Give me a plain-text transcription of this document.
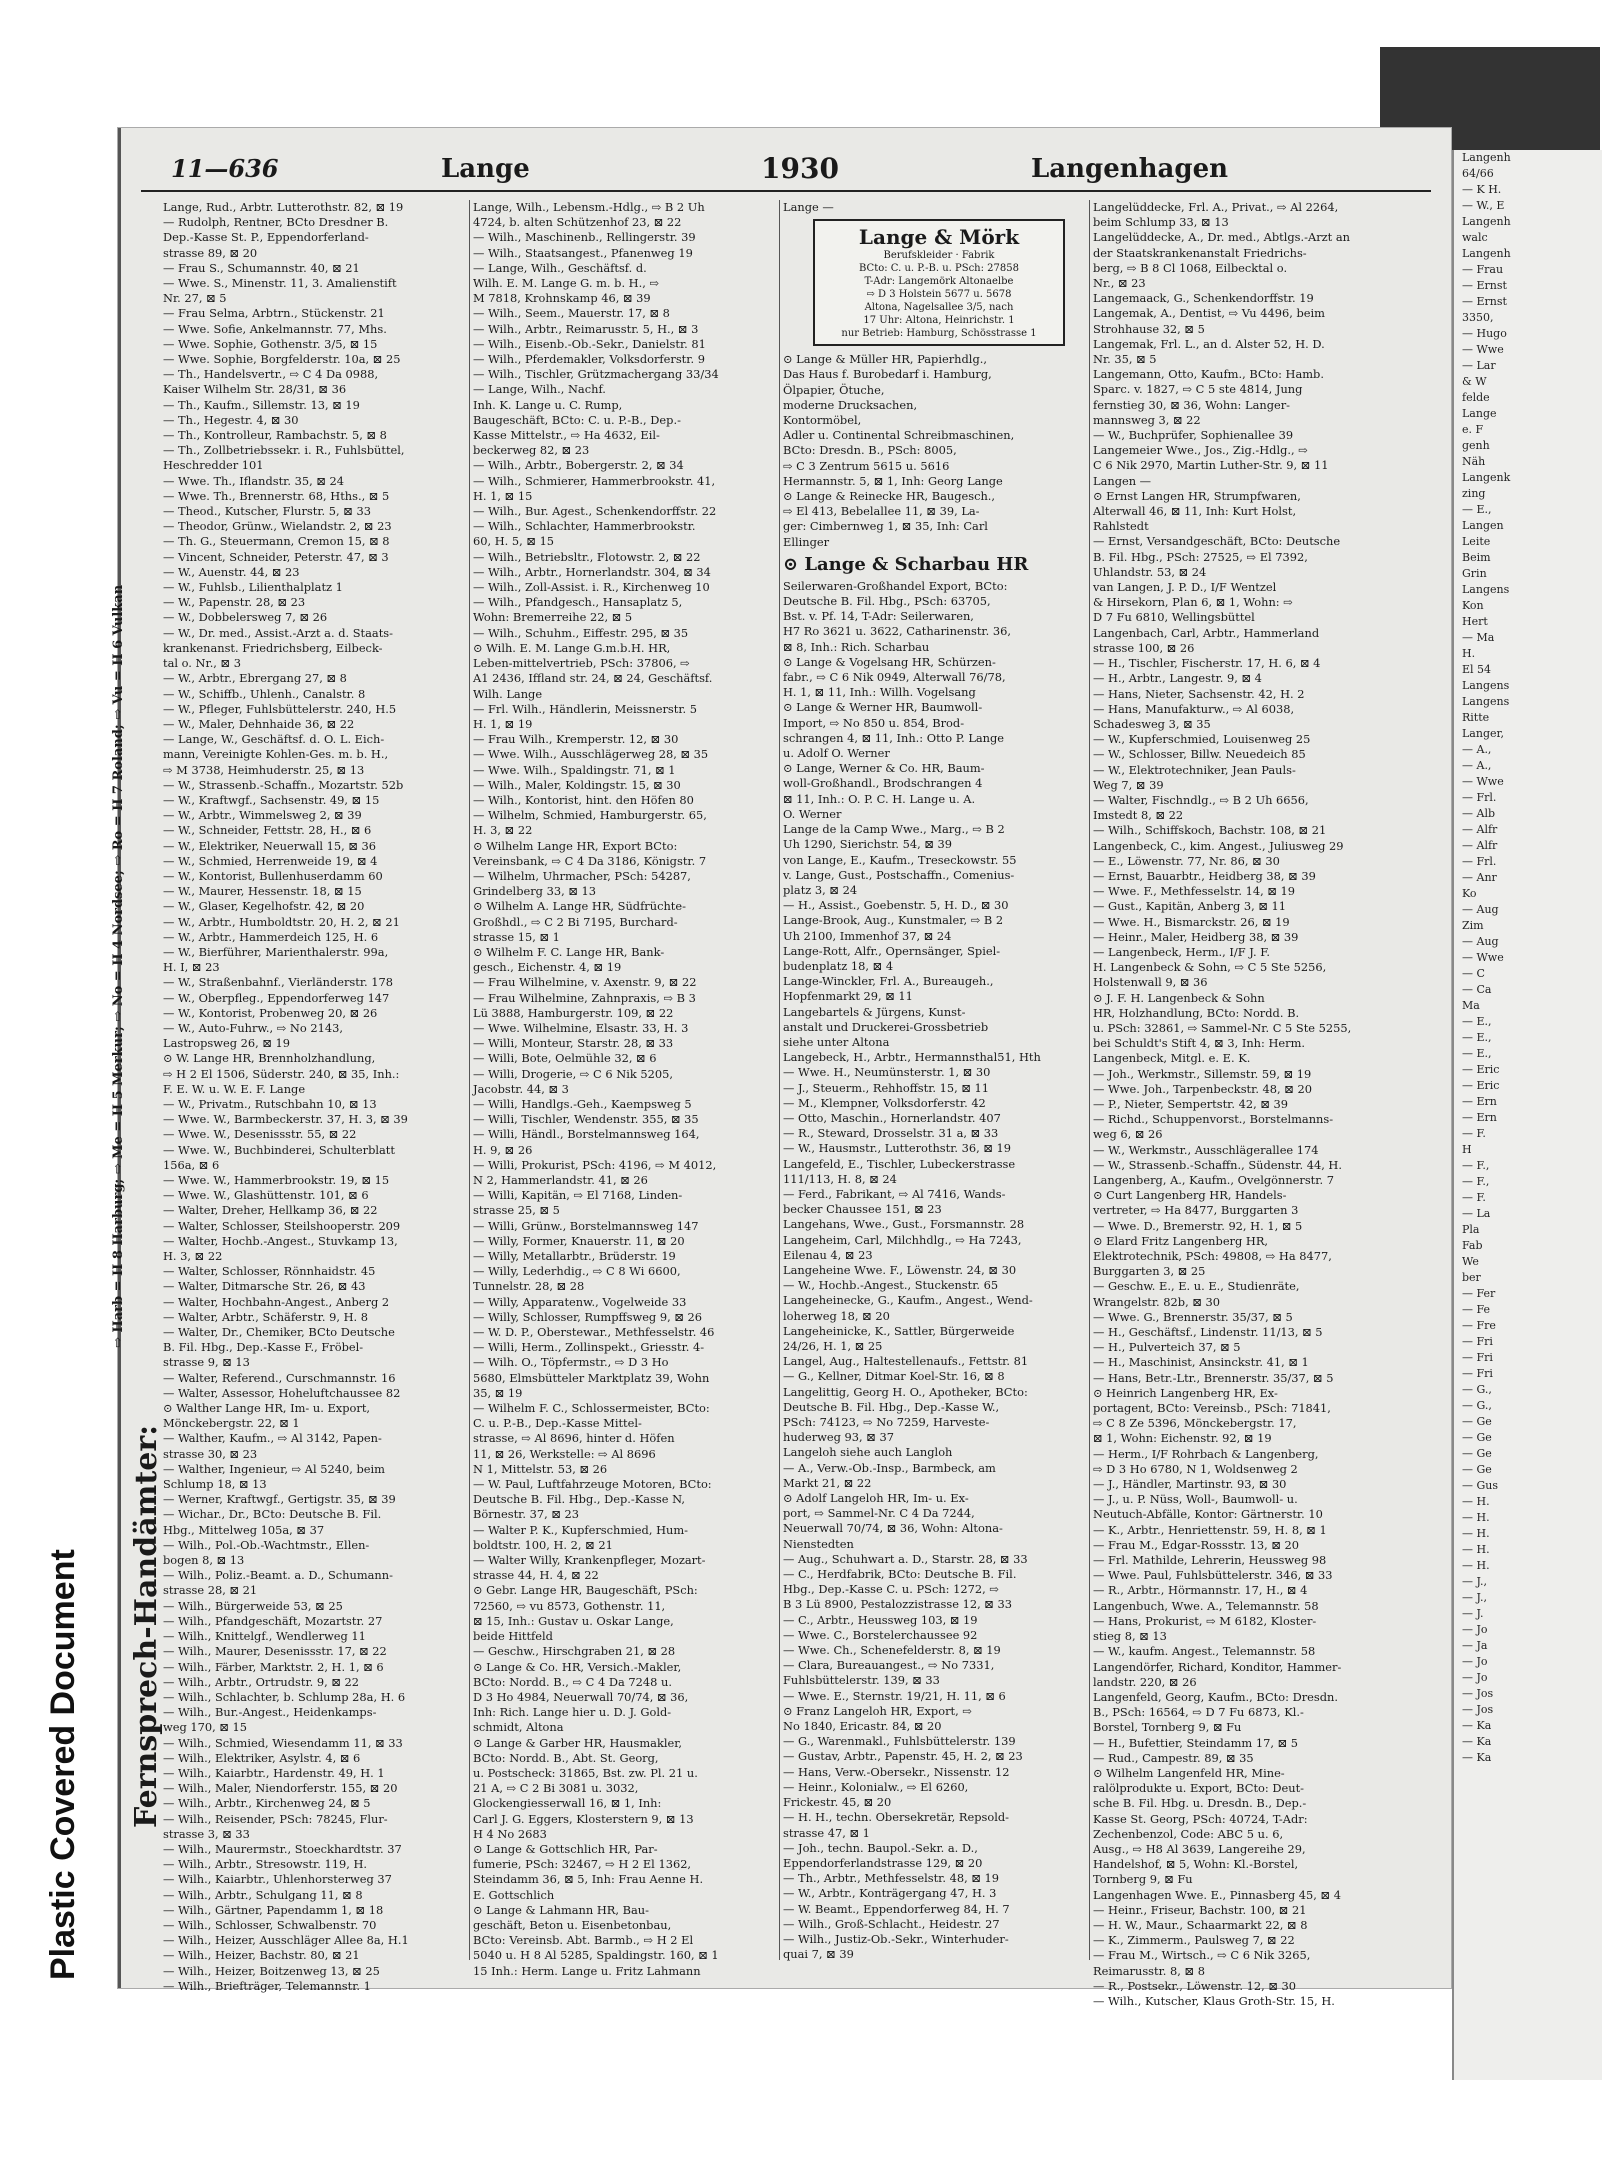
Plastic Covered Document
11—636	Lange	1930	Langenhagen
Fernsprech-Handämter:
⇨ Harb = H 8 Harburg; ⇨ Me = H 5 Merkur; ⇨ No = H 4 Nordsee; ⇨ Ro = H 7 Roland; ⇨ Vu = H 6 Vulkan
Lange, Rud., Arbtr. Lutterothstr. 82, ⊠ 19
— Rudolph, Rentner, BCto Dresdner B.
Dep.-Kasse St. P., Eppendorferland-
strasse 89, ⊠ 20
— Frau S., Schumannstr. 40, ⊠ 21
— Wwe. S., Minenstr. 11, 3. Amalienstift
Nr. 27, ⊠ 5
— Frau Selma, Arbtrn., Stückenstr. 21
— Wwe. Sofie, Ankelmannstr. 77, Mhs.
— Wwe. Sophie, Gothenstr. 3/5, ⊠ 15
— Wwe. Sophie, Borgfelderstr. 10a, ⊠ 25
— Th., Handelsvertr., ⇨ C 4 Da 0988,
Kaiser Wilhelm Str. 28/31, ⊠ 36
— Th., Kaufm., Sillemstr. 13, ⊠ 19
— Th., Hegestr. 4, ⊠ 30
— Th., Kontrolleur, Rambachstr. 5, ⊠ 8
— Th., Zollbetriebssekr. i. R., Fuhlsbüttel,
Heschredder 101
— Wwe. Th., Iflandstr. 35, ⊠ 24
— Wwe. Th., Brennerstr. 68, Hths., ⊠ 5
— Theod., Kutscher, Flurstr. 5, ⊠ 33
— Theodor, Grünw., Wielandstr. 2, ⊠ 23
— Th. G., Steuermann, Cremon 15, ⊠ 8
— Vincent, Schneider, Peterstr. 47, ⊠ 3
— W., Auenstr. 44, ⊠ 23
— W., Fuhlsb., Lilienthalplatz 1
— W., Papenstr. 28, ⊠ 23
— W., Dobbelersweg 7, ⊠ 26
— W., Dr. med., Assist.-Arzt a. d. Staats-
krankenanst. Friedrichsberg, Eilbeck-
tal o. Nr., ⊠ 3
— W., Arbtr., Ebrergang 27, ⊠ 8
— W., Schiffb., Uhlenh., Canalstr. 8
— W., Pfleger, Fuhlsbüttelerstr. 240, H.5
— W., Maler, Dehnhaide 36, ⊠ 22
— Lange, W., Geschäftsf. d. O. L. Eich-
mann, Vereinigte Kohlen-Ges. m. b. H.,
⇨ M 3738, Heimhuderstr. 25, ⊠ 13
— W., Strassenb.-Schaffn., Mozartstr. 52b
— W., Kraftwgf., Sachsenstr. 49, ⊠ 15
— W., Arbtr., Wimmelsweg 2, ⊠ 39
— W., Schneider, Fettstr. 28, H., ⊠ 6
— W., Elektriker, Neuerwall 15, ⊠ 36
— W., Schmied, Herrenweide 19, ⊠ 4
— W., Kontorist, Bullenhuserdamm 60
— W., Maurer, Hessenstr. 18, ⊠ 15
— W., Glaser, Kegelhofstr. 42, ⊠ 20
— W., Arbtr., Humboldtstr. 20, H. 2, ⊠ 21
— W., Arbtr., Hammerdeich 125, H. 6
— W., Bierführer, Marienthalerstr. 99a,
H. I, ⊠ 23
— W., Straßenbahnf., Vierländerstr. 178
— W., Oberpfleg., Eppendorferweg 147
— W., Kontorist, Probenweg 20, ⊠ 26
— W., Auto-Fuhrw., ⇨ No 2143,
Lastropsweg 26, ⊠ 19
⊙ W. Lange HR, Brennholzhandlung,
⇨ H 2 El 1506, Süderstr. 240, ⊠ 35, Inh.:
F. E. W. u. W. E. F. Lange
— W., Privatm., Rutschbahn 10, ⊠ 13
— Wwe. W., Barmbeckerstr. 37, H. 3, ⊠ 39
— Wwe. W., Desenissstr. 55, ⊠ 22
— Wwe. W., Buchbinderei, Schulterblatt
156a, ⊠ 6
— Wwe. W., Hammerbrookstr. 19, ⊠ 15
— Wwe. W., Glashüttenstr. 101, ⊠ 6
— Walter, Dreher, Hellkamp 36, ⊠ 22
— Walter, Schlosser, Steilshooperstr. 209
— Walter, Hochb.-Angest., Stuvkamp 13,
H. 3, ⊠ 22
— Walter, Schlosser, Rönnhaidstr. 45
— Walter, Ditmarsche Str. 26, ⊠ 43
— Walter, Hochbahn-Angest., Anberg 2
— Walter, Arbtr., Schäferstr. 9, H. 8
— Walter, Dr., Chemiker, BCto Deutsche
B. Fil. Hbg., Dep.-Kasse F., Fröbel-
strasse 9, ⊠ 13
— Walter, Referend., Curschmannstr. 16
— Walter, Assessor, Hoheluftchaussee 82
⊙ Walther Lange HR, Im- u. Export,
Mönckebergstr. 22, ⊠ 1
— Walther, Kaufm., ⇨ Al 3142, Papen-
strasse 30, ⊠ 23
— Walther, Ingenieur, ⇨ Al 5240, beim
Schlump 18, ⊠ 13
— Werner, Kraftwgf., Gertigstr. 35, ⊠ 39
— Wichar., Dr., BCto: Deutsche B. Fil.
Hbg., Mittelweg 105a, ⊠ 37
— Wilh., Pol.-Ob.-Wachtmstr., Ellen-
bogen 8, ⊠ 13
— Wilh., Poliz.-Beamt. a. D., Schumann-
strasse 28, ⊠ 21
— Wilh., Bürgerweide 53, ⊠ 25
— Wilh., Pfandgeschäft, Mozartstr. 27
— Wilh., Knittelgf., Wendlerweg 11
— Wilh., Maurer, Desenissstr. 17, ⊠ 22
— Wilh., Färber, Marktstr. 2, H. 1, ⊠ 6
— Wilh., Arbtr., Ortrudstr. 9, ⊠ 22
— Wilh., Schlachter, b. Schlump 28a, H. 6
— Wilh., Bur.-Angest., Heidenkamps-
weg 170, ⊠ 15
— Wilh., Schmied, Wiesendamm 11, ⊠ 33
— Wilh., Elektriker, Asylstr. 4, ⊠ 6
— Wilh., Kaiarbtr., Hardenstr. 49, H. 1
— Wilh., Maler, Niendorferstr. 155, ⊠ 20
— Wilh., Arbtr., Kirchenweg 24, ⊠ 5
— Wilh., Reisender, PSch: 78245, Flur-
strasse 3, ⊠ 33
— Wilh., Maurermstr., Stoeckhardtstr. 37
— Wilh., Arbtr., Stresowstr. 119, H.
— Wilh., Kaiarbtr., Uhlenhorsterweg 37
— Wilh., Arbtr., Schulgang 11, ⊠ 8
— Wilh., Gärtner, Papendamm 1, ⊠ 18
— Wilh., Schlosser, Schwalbenstr. 70
— Wilh., Heizer, Ausschläger Allee 8a, H.1
— Wilh., Heizer, Bachstr. 80, ⊠ 21
— Wilh., Heizer, Boitzenweg 13, ⊠ 25
— Wilh., Briefträger, Telemannstr. 1
Lange, Wilh., Lebensm.-Hdlg., ⇨ B 2 Uh
4724, b. alten Schützenhof 23, ⊠ 22
— Wilh., Maschinenb., Rellingerstr. 39
— Wilh., Staatsangest., Pfanenweg 19
— Lange, Wilh., Geschäftsf. d.
Wilh. E. M. Lange G. m. b. H., ⇨
M 7818, Krohnskamp 46, ⊠ 39
— Wilh., Seem., Mauerstr. 17, ⊠ 8
— Wilh., Arbtr., Reimarusstr. 5, H., ⊠ 3
— Wilh., Eisenb.-Ob.-Sekr., Danielstr. 81
— Wilh., Pferdemakler, Volksdorferstr. 9
— Wilh., Tischler, Grützmachergang 33/34
— Lange, Wilh., Nachf.
Inh. K. Lange u. C. Rump,
Baugeschäft, BCto: C. u. P.-B., Dep.-
Kasse Mittelstr., ⇨ Ha 4632, Eil-
beckerweg 82, ⊠ 23
— Wilh., Arbtr., Bobergerstr. 2, ⊠ 34
— Wilh., Schmierer, Hammerbrookstr. 41,
H. 1, ⊠ 15
— Wilh., Bur. Agest., Schenkendorffstr. 22
— Wilh., Schlachter, Hammerbrookstr.
60, H. 5, ⊠ 15
— Wilh., Betriebsltr., Flotowstr. 2, ⊠ 22
— Wilh., Arbtr., Hornerlandstr. 304, ⊠ 34
— Wilh., Zoll-Assist. i. R., Kirchenweg 10
— Wilh., Pfandgesch., Hansaplatz 5,
Wohn: Bremerreihe 22, ⊠ 5
— Wilh., Schuhm., Eiffestr. 295, ⊠ 35
⊙ Wilh. E. M. Lange G.m.b.H. HR,
Leben-mittelvertrieb, PSch: 37806, ⇨
A1 2436, Iffland str. 24, ⊠ 24, Geschäftsf.
Wilh. Lange
— Frl. Wilh., Händlerin, Meissnerstr. 5
H. 1, ⊠ 19
— Frau Wilh., Kremperstr. 12, ⊠ 30
— Wwe. Wilh., Ausschlägerweg 28, ⊠ 35
— Wwe. Wilh., Spaldingstr. 71, ⊠ 1
— Wilh., Maler, Koldingstr. 15, ⊠ 30
— Wilh., Kontorist, hint. den Höfen 80
— Wilhelm, Schmied, Hamburgerstr. 65,
H. 3, ⊠ 22
⊙ Wilhelm Lange HR, Export BCto:
Vereinsbank, ⇨ C 4 Da 3186, Königstr. 7
— Wilhelm, Uhrmacher, PSch: 54287,
Grindelberg 33, ⊠ 13
⊙ Wilhelm A. Lange HR, Südfrüchte-
Großhdl., ⇨ C 2 Bi 7195, Burchard-
strasse 15, ⊠ 1
⊙ Wilhelm F. C. Lange HR, Bank-
gesch., Eichenstr. 4, ⊠ 19
— Frau Wilhelmine, v. Axenstr. 9, ⊠ 22
— Frau Wilhelmine, Zahnpraxis, ⇨ B 3
Lü 3888, Hamburgerstr. 109, ⊠ 22
— Wwe. Wilhelmine, Elsastr. 33, H. 3
— Willi, Monteur, Starstr. 28, ⊠ 33
— Willi, Bote, Oelmühle 32, ⊠ 6
— Willi, Drogerie, ⇨ C 6 Nik 5205,
Jacobstr. 44, ⊠ 3
— Willi, Handlgs.-Geh., Kaempsweg 5
— Willi, Tischler, Wendenstr. 355, ⊠ 35
— Willi, Händl., Borstelmannsweg 164,
H. 9, ⊠ 26
— Willi, Prokurist, PSch: 4196, ⇨ M 4012,
N 2, Hammerlandstr. 41, ⊠ 26
— Willi, Kapitän, ⇨ El 7168, Linden-
strasse 25, ⊠ 5
— Willi, Grünw., Borstelmannsweg 147
— Willy, Former, Knauerstr. 11, ⊠ 20
— Willy, Metallarbtr., Brüderstr. 19
— Willy, Lederhdig., ⇨ C 8 Wi 6600,
Tunnelstr. 28, ⊠ 28
— Willy, Apparatenw., Vogelweide 33
— Willy, Schlosser, Rumpffsweg 9, ⊠ 26
— W. D. P., Oberstewar., Methfesselstr. 46
— Willi, Herm., Zollinspekt., Griesstr. 4-
— Wilh. O., Töpfermstr., ⇨ D 3 Ho
5680, Elmsbütteler Marktplatz 39, Wohn
35, ⊠ 19
— Wilhelm F. C., Schlossermeister, BCto:
C. u. P.-B., Dep.-Kasse Mittel-
strasse, ⇨ Al 8696, hinter d. Höfen
11, ⊠ 26, Werkstelle: ⇨ Al 8696
N 1, Mittelstr. 53, ⊠ 26
— W. Paul, Luftfahrzeuge Motoren, BCto:
Deutsche B. Fil. Hbg., Dep.-Kasse N,
Börnestr. 37, ⊠ 23
— Walter P. K., Kupferschmied, Hum-
boldtstr. 100, H. 2, ⊠ 21
— Walter Willy, Krankenpfleger, Mozart-
strasse 44, H. 4, ⊠ 22
⊙ Gebr. Lange HR, Baugeschäft, PSch:
72560, ⇨ vu 8573, Gothenstr. 11,
⊠ 15, Inh.: Gustav u. Oskar Lange,
beide Hittfeld
— Geschw., Hirschgraben 21, ⊠ 28
⊙ Lange & Co. HR, Versich.-Makler,
BCto: Nordd. B., ⇨ C 4 Da 7248 u.
D 3 Ho 4984, Neuerwall 70/74, ⊠ 36,
Inh: Rich. Lange hier u. D. J. Gold-
schmidt, Altona
⊙ Lange & Garber HR, Hausmakler,
BCto: Nordd. B., Abt. St. Georg,
u. Postscheck: 31865, Bst. zw. Pl. 21 u.
21 A, ⇨ C 2 Bi 3081 u. 3032,
Glockengiesserwall 16, ⊠ 1, Inh:
Carl J. G. Eggers, Klosterstern 9, ⊠ 13
H 4 No 2683
⊙ Lange & Gottschlich HR, Par-
fumerie, PSch: 32467, ⇨ H 2 El 1362,
Steindamm 36, ⊠ 5, Inh: Frau Aenne H.
E. Gottschlich
⊙ Lange & Lahmann HR, Bau-
geschäft, Beton u. Eisenbetonbau,
BCto: Vereinsb. Abt. Barmb., ⇨ H 2 El
5040 u. H 8 Al 5285, Spaldingstr. 160, ⊠ 1
15 Inh.: Herm. Lange u. Fritz Lahmann
Lange —
Lange & Mörk
Berufskleider · Fabrik
BCto: C. u. P.-B. u. PSch: 27858
T-Adr: Langemörk Altonaelbe
⇨ D 3 Holstein 5677 u. 5678
Altona, Nagelsallee 3/5, nach
17 Uhr: Altona, Heinrichstr. 1
nur Betrieb: Hamburg, Schösstrasse 1
⊙ Lange & Müller HR, Papierhdlg.,
Das Haus f. Burobedarf i. Hamburg,
Ölpapier, Ötuche,
moderne Drucksachen,
Kontormöbel,
Adler u. Continental Schreibmaschinen,
BCto: Dresdn. B., PSch: 8005,
⇨ C 3 Zentrum 5615 u. 5616
Hermannstr. 5, ⊠ 1, Inh: Georg Lange
⊙ Lange & Reinecke HR, Baugesch.,
⇨ El 413, Bebelallee 11, ⊠ 39, La-
ger: Cimbernweg 1, ⊠ 35, Inh: Carl
Ellinger
⊙ Lange & Scharbau HR
Seilerwaren-Großhandel Export, BCto:
Deutsche B. Fil. Hbg., PSch: 63705,
Bst. v. Pf. 14, T-Adr: Seilerwaren,
H7 Ro 3621 u. 3622, Catharinenstr. 36,
⊠ 8, Inh.: Rich. Scharbau
⊙ Lange & Vogelsang HR, Schürzen-
fabr., ⇨ C 6 Nik 0949, Alterwall 76/78,
H. 1, ⊠ 11, Inh.: Willh. Vogelsang
⊙ Lange & Werner HR, Baumwoll-
Import, ⇨ No 850 u. 854, Brod-
schrangen 4, ⊠ 11, Inh.: Otto P. Lange
u. Adolf O. Werner
⊙ Lange, Werner & Co. HR, Baum-
woll-Großhandl., Brodschrangen 4
⊠ 11, Inh.: O. P. C. H. Lange u. A.
O. Werner
Lange de la Camp Wwe., Marg., ⇨ B 2
Uh 1290, Sierichstr. 54, ⊠ 39
von Lange, E., Kaufm., Treseckowstr. 55
v. Lange, Gust., Postschaffn., Comenius-
platz 3, ⊠ 24
— H., Assist., Goebenstr. 5, H. D., ⊠ 30
Lange-Brook, Aug., Kunstmaler, ⇨ B 2
Uh 2100, Immenhof 37, ⊠ 24
Lange-Rott, Alfr., Opernsänger, Spiel-
budenplatz 18, ⊠ 4
Lange-Winckler, Frl. A., Bureaugeh.,
Hopfenmarkt 29, ⊠ 11
Langebartels & Jürgens, Kunst-
anstalt und Druckerei-Grossbetrieb
siehe unter Altona
Langebeck, H., Arbtr., Hermannsthal51, Hth
— Wwe. H., Neumünsterstr. 1, ⊠ 30
— J., Steuerm., Rehhoffstr. 15, ⊠ 11
— M., Klempner, Volksdorferstr. 42
— Otto, Maschin., Hornerlandstr. 407
— R., Steward, Drosselstr. 31 a, ⊠ 33
— W., Hausmstr., Lutterothstr. 36, ⊠ 19
Langefeld, E., Tischler, Lubeckerstrasse
111/113, H. 8, ⊠ 24
— Ferd., Fabrikant, ⇨ Al 7416, Wands-
becker Chaussee 151, ⊠ 23
Langehans, Wwe., Gust., Forsmannstr. 28
Langeheim, Carl, Milchhdlg., ⇨ Ha 7243,
Eilenau 4, ⊠ 23
Langeheine Wwe. F., Löwenstr. 24, ⊠ 30
— W., Hochb.-Angest., Stuckenstr. 65
Langeheinecke, G., Kaufm., Angest., Wend-
loherweg 18, ⊠ 20
Langeheinicke, K., Sattler, Bürgerweide
24/26, H. 1, ⊠ 25
Langel, Aug., Haltestellenaufs., Fettstr. 81
— G., Kellner, Ditmar Koel-Str. 16, ⊠ 8
Langelittig, Georg H. O., Apotheker, BCto:
Deutsche B. Fil. Hbg., Dep.-Kasse W.,
PSch: 74123, ⇨ No 7259, Harveste-
huderweg 93, ⊠ 37
Langeloh siehe auch Langloh
— A., Verw.-Ob.-Insp., Barmbeck, am
Markt 21, ⊠ 22
⊙ Adolf Langeloh HR, Im- u. Ex-
port, ⇨ Sammel-Nr. C 4 Da 7244,
Neuerwall 70/74, ⊠ 36, Wohn: Altona-
Nienstedten
— Aug., Schuhwart a. D., Starstr. 28, ⊠ 33
— C., Herdfabrik, BCto: Deutsche B. Fil.
Hbg., Dep.-Kasse C. u. PSch: 1272, ⇨
B 3 Lü 8900, Pestalozzistrasse 12, ⊠ 33
— C., Arbtr., Heussweg 103, ⊠ 19
— Wwe. C., Borstelerchaussee 92
— Wwe. Ch., Schenefelderstr. 8, ⊠ 19
— Clara, Bureauangest., ⇨ No 7331,
Fuhlsbüttelerstr. 139, ⊠ 33
— Wwe. E., Sternstr. 19/21, H. 11, ⊠ 6
⊙ Franz Langeloh HR, Export, ⇨
No 1840, Ericastr. 84, ⊠ 20
— G., Warenmakl., Fuhlsbüttelerstr. 139
— Gustav, Arbtr., Papenstr. 45, H. 2, ⊠ 23
— Hans, Verw.-Obersekr., Nissenstr. 12
— Heinr., Kolonialw., ⇨ El 6260,
Frickestr. 45, ⊠ 20
— H. H., techn. Obersekretär, Repsold-
strasse 47, ⊠ 1
— Joh., techn. Baupol.-Sekr. a. D.,
Eppendorferlandstrasse 129, ⊠ 20
— Th., Arbtr., Methfesselstr. 48, ⊠ 19
— W., Arbtr., Konträgergang 47, H. 3
— W. Beamt., Eppendorferweg 84, H. 7
— Wilh., Groß-Schlacht., Heidestr. 27
— Wilh., Justiz-Ob.-Sekr., Winterhuder-
quai 7, ⊠ 39
Langelüddecke, Frl. A., Privat., ⇨ Al 2264,
beim Schlump 33, ⊠ 13
Langelüddecke, A., Dr. med., Abtlgs.-Arzt an
der Staatskrankenanstalt Friedrichs-
berg, ⇨ B 8 Cl 1068, Eilbecktal o.
Nr., ⊠ 23
Langemaack, G., Schenkendorffstr. 19
Langemak, A., Dentist, ⇨ Vu 4496, beim
Strohhause 32, ⊠ 5
Langemak, Frl. L., an d. Alster 52, H. D.
Nr. 35, ⊠ 5
Langemann, Otto, Kaufm., BCto: Hamb.
Sparc. v. 1827, ⇨ C 5 ste 4814, Jung
fernstieg 30, ⊠ 36, Wohn: Langer-
mannsweg 3, ⊠ 22
— W., Buchprüfer, Sophienallee 39
Langemeier Wwe., Jos., Zig.-Hdlg., ⇨
C 6 Nik 2970, Martin Luther-Str. 9, ⊠ 11
Langen —
⊙ Ernst Langen HR, Strumpfwaren,
Alterwall 46, ⊠ 11, Inh: Kurt Holst,
Rahlstedt
— Ernst, Versandgeschäft, BCto: Deutsche
B. Fil. Hbg., PSch: 27525, ⇨ El 7392,
Uhlandstr. 53, ⊠ 24
van Langen, J. P. D., I/F Wentzel
& Hirsekorn, Plan 6, ⊠ 1, Wohn: ⇨
D 7 Fu 6810, Wellingsbüttel
Langenbach, Carl, Arbtr., Hammerland
strasse 100, ⊠ 26
— H., Tischler, Fischerstr. 17, H. 6, ⊠ 4
— H., Arbtr., Langestr. 9, ⊠ 4
— Hans, Nieter, Sachsenstr. 42, H. 2
— Hans, Manufakturw., ⇨ Al 6038,
Schadesweg 3, ⊠ 35
— W., Kupferschmied, Louisenweg 25
— W., Schlosser, Billw. Neuedeich 85
— W., Elektrotechniker, Jean Pauls-
Weg 7, ⊠ 39
— Walter, Fischndlg., ⇨ B 2 Uh 6656,
Imstedt 8, ⊠ 22
— Wilh., Schiffskoch, Bachstr. 108, ⊠ 21
Langenbeck, C., kim. Angest., Juliusweg 29
— E., Löwenstr. 77, Nr. 86, ⊠ 30
— Ernst, Bauarbtr., Heidberg 38, ⊠ 39
— Wwe. F., Methfesselstr. 14, ⊠ 19
— Gust., Kapitän, Anberg 3, ⊠ 11
— Wwe. H., Bismarckstr. 26, ⊠ 19
— Heinr., Maler, Heidberg 38, ⊠ 39
— Langenbeck, Herm., I/F J. F.
H. Langenbeck & Sohn, ⇨ C 5 Ste 5256,
Holstenwall 9, ⊠ 36
⊙ J. F. H. Langenbeck & Sohn
HR, Holzhandlung, BCto: Nordd. B.
u. PSch: 32861, ⇨ Sammel-Nr. C 5 Ste 5255,
bei Schuldt's Stift 4, ⊠ 3, Inh: Herm.
Langenbeck, Mitgl. e. E. K.
— Joh., Werkmstr., Sillemstr. 59, ⊠ 19
— Wwe. Joh., Tarpenbeckstr. 48, ⊠ 20
— P., Nieter, Sempertstr. 42, ⊠ 39
— Richd., Schuppenvorst., Borstelmanns-
weg 6, ⊠ 26
— W., Werkmstr., Ausschlägerallee 174
— W., Strassenb.-Schaffn., Südenstr. 44, H.
Langenberg, A., Kaufm., Ovelgönnerstr. 7
⊙ Curt Langenberg HR, Handels-
vertreter, ⇨ Ha 8477, Burggarten 3
— Wwe. D., Bremerstr. 92, H. 1, ⊠ 5
⊙ Elard Fritz Langenberg HR,
Elektrotechnik, PSch: 49808, ⇨ Ha 8477,
Burggarten 3, ⊠ 25
— Geschw. E., E. u. E., Studienräte,
Wrangelstr. 82b, ⊠ 30
— Wwe. G., Brennerstr. 35/37, ⊠ 5
— H., Geschäftsf., Lindenstr. 11/13, ⊠ 5
— H., Pulverteich 37, ⊠ 5
— H., Maschinist, Ansinckstr. 41, ⊠ 1
— Hans, Betr.-Ltr., Brennerstr. 35/37, ⊠ 5
⊙ Heinrich Langenberg HR, Ex-
portagent, BCto: Vereinsb., PSch: 71841,
⇨ C 8 Ze 5396, Mönckebergstr. 17,
⊠ 1, Wohn: Eichenstr. 92, ⊠ 19
— Herm., I/F Rohrbach & Langenberg,
⇨ D 3 Ho 6780, N 1, Woldsenweg 2
— J., Händler, Martinstr. 93, ⊠ 30
— J., u. P. Nüss, Woll-, Baumwoll- u.
Neutuch-Abfälle, Kontor: Gärtnerstr. 10
— K., Arbtr., Henriettenstr. 59, H. 8, ⊠ 1
— Frau M., Edgar-Rossstr. 13, ⊠ 20
— Frl. Mathilde, Lehrerin, Heussweg 98
— Wwe. Paul, Fuhlsbüttelerstr. 346, ⊠ 33
— R., Arbtr., Hörmannstr. 17, H., ⊠ 4
Langenbuch, Wwe. A., Telemannstr. 58
— Hans, Prokurist, ⇨ M 6182, Kloster-
stieg 8, ⊠ 13
— W., kaufm. Angest., Telemannstr. 58
Langendörfer, Richard, Konditor, Hammer-
landstr. 220, ⊠ 26
Langenfeld, Georg, Kaufm., BCto: Dresdn.
B., PSch: 16564, ⇨ D 7 Fu 6873, Kl.-
Borstel, Tornberg 9, ⊠ Fu
— H., Bufettier, Steindamm 17, ⊠ 5
— Rud., Campestr. 89, ⊠ 35
⊙ Wilhelm Langenfeld HR, Mine-
ralölprodukte u. Export, BCto: Deut-
sche B. Fil. Hbg. u. Dresdn. B., Dep.-
Kasse St. Georg, PSch: 40724, T-Adr:
Zechenbenzol, Code: ABC 5 u. 6,
Ausg., ⇨ H8 Al 3639, Langereihe 29,
Handelshof, ⊠ 5, Wohn: Kl.-Borstel,
Tornberg 9, ⊠ Fu
Langenhagen Wwe. E., Pinnasberg 45, ⊠ 4
— Heinr., Friseur, Bachstr. 100, ⊠ 21
— H. W., Maur., Schaarmarkt 22, ⊠ 8
— K., Zimmerm., Paulsweg 7, ⊠ 22
— Frau M., Wirtsch., ⇨ C 6 Nik 3265,
Reimarusstr. 8, ⊠ 8
— R., Postsekr., Löwenstr. 12, ⊠ 30
— Wilh., Kutscher, Klaus Groth-Str. 15, H.
Langenh
64/66
— K H.
— W., E
Langenh
walc
Langenh
— Frau
— Ernst
— Ernst
3350,
— Hugo
— Wwe
— Lar
& W
felde
Lange
e. F
genh
Näh
Langenk
zing
— E.,
Langen
Leite
Beim
Grin
Langens
Kon
Hert
— Ma
H.
El 54
Langens
Langens
Ritte
Langer,
— A.,
— A.,
— Wwe
— Frl.
— Alb
— Alfr
— Alfr
— Frl.
— Anr
Ko
— Aug
Zim
— Aug
— Wwe
— C
— Ca
Ma
— E.,
— E.,
— E.,
— Eric
— Eric
— Ern
— Ern
— F.
H
— F.,
— F.,
— F.
— La
Pla
Fab
We
ber
— Fer
— Fe
— Fre
— Fri
— Fri
— Fri
— G.,
— G.,
— Ge
— Ge
— Ge
— Ge
— Gus
— H.
— H.
— H.
— H.
— H.
— J.,
— J.,
— J.
— Jo
— Ja
— Jo
— Jo
— Jos
— Jos
— Ka
— Ka
— Ka
